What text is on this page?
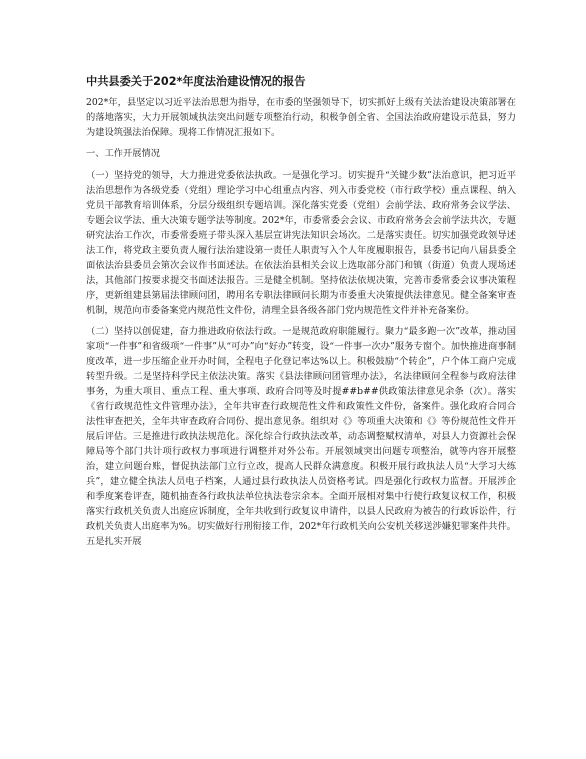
中共县委关于202*年度法治建设情况的报告

202*年，县坚定以习近平法治思想为指导，在市委的坚强领导下，切实抓好上级有关法治建设决策部署在的落地落实，大力开展领域执法突出问题专项整治行动，积极争创全省、全国法治政府建设示范县，努力为建设筑强法治保障。现将工作情况汇报如下。

一、工作开展情况

（一）坚持党的领导，大力推进党委依法执政。一是强化学习。切实提升“关键少数”法治意识，把习近平法治思想作为各级党委（党组）理论学习中心组重点内容、列入市委党校（市行政学校）重点课程、纳入党员干部教育培训体系，分层分级组织专题培训。深化落实党委（党组）会前学法、政府常务会议学法、专题会议学法、重大决策专题学法等制度。202*年，市委常委会会议、市政府常务会会前学法共次，专题研究法治工作次，市委常委班子带头深入基层宣讲宪法知识会场次。二是落实责任。切实加强党政领导述法工作，将党政主要负责人履行法治建设第一责任人职责写入个人年度履职报告，县委书记向八届县委全面依法治县委员会第次会议作书面述法。在依法治县相关会议上选取部分部门和镇（街道）负责人现场述法，其他部门按要求提交书面述法报告。三是健全机制。坚持依法依规决策，完善市委常委会议事决策程序，更新组建县第届法律顾问团，聘用名专职法律顾问长期为市委重大决策提供法律意见。健全备案审查机制，规范向市委备案党内规范性文件份，清理全县各级各部门党内规范性文件并补充备案份。

（二）坚持以创促建，奋力推进政府依法行政。一是规范政府职能履行。聚力“最多跑一次”改革，推动国家项“一件事”和省级项“一件事”从“可办”向“好办”转变，设“一件事一次办”服务专窗个。加快推进商事制度改革，进一步压缩企业开办时间，全程电子化登记率达%以上。积极鼓励“个转企”，户个体工商户完成转型升级。二是坚持科学民主依法决策。落实《县法律顾问团管理办法》，名法律顾问全程参与政府法律事务，为重大项目、重点工程、重大事项、政府合同等及时提##b##供政策法律意见余条（次）。落实《省行政规范性文件管理办法》，全年共审查行政规范性文件和政策性文件份，备案件。强化政府合同合法性审查把关，全年共审查政府合同份、提出意见条。组织对《》等项重大决策和《》等份规范性文件开展后评估。三是推进行政执法规范化。深化综合行政执法改革，动态调整赋权清单，对县人力资源社会保障局等个部门共计项行政权力事项进行调整并对外公布。开展领域突出问题专项整治，就等内容开展整治，建立问题台账，督促执法部门立行立改，提高人民群众满意度。积极开展行政执法人员“大学习大练兵”，建立健全执法人员电子档案，人通过县行政执法人员资格考试。四是强化行政权力监督。开展涉企和季度案卷评查，随机抽查各行政执法单位执法卷宗余本。全面开展相对集中行使行政复议权工作，积极落实行政机关负责人出庭应诉制度，全年共收到行政复议申请件，以县人民政府为被告的行政诉讼件，行政机关负责人出庭率为%。切实做好行刑衔接工作，202*年行政机关向公安机关移送涉嫌犯罪案件共件。五是扎实开展
